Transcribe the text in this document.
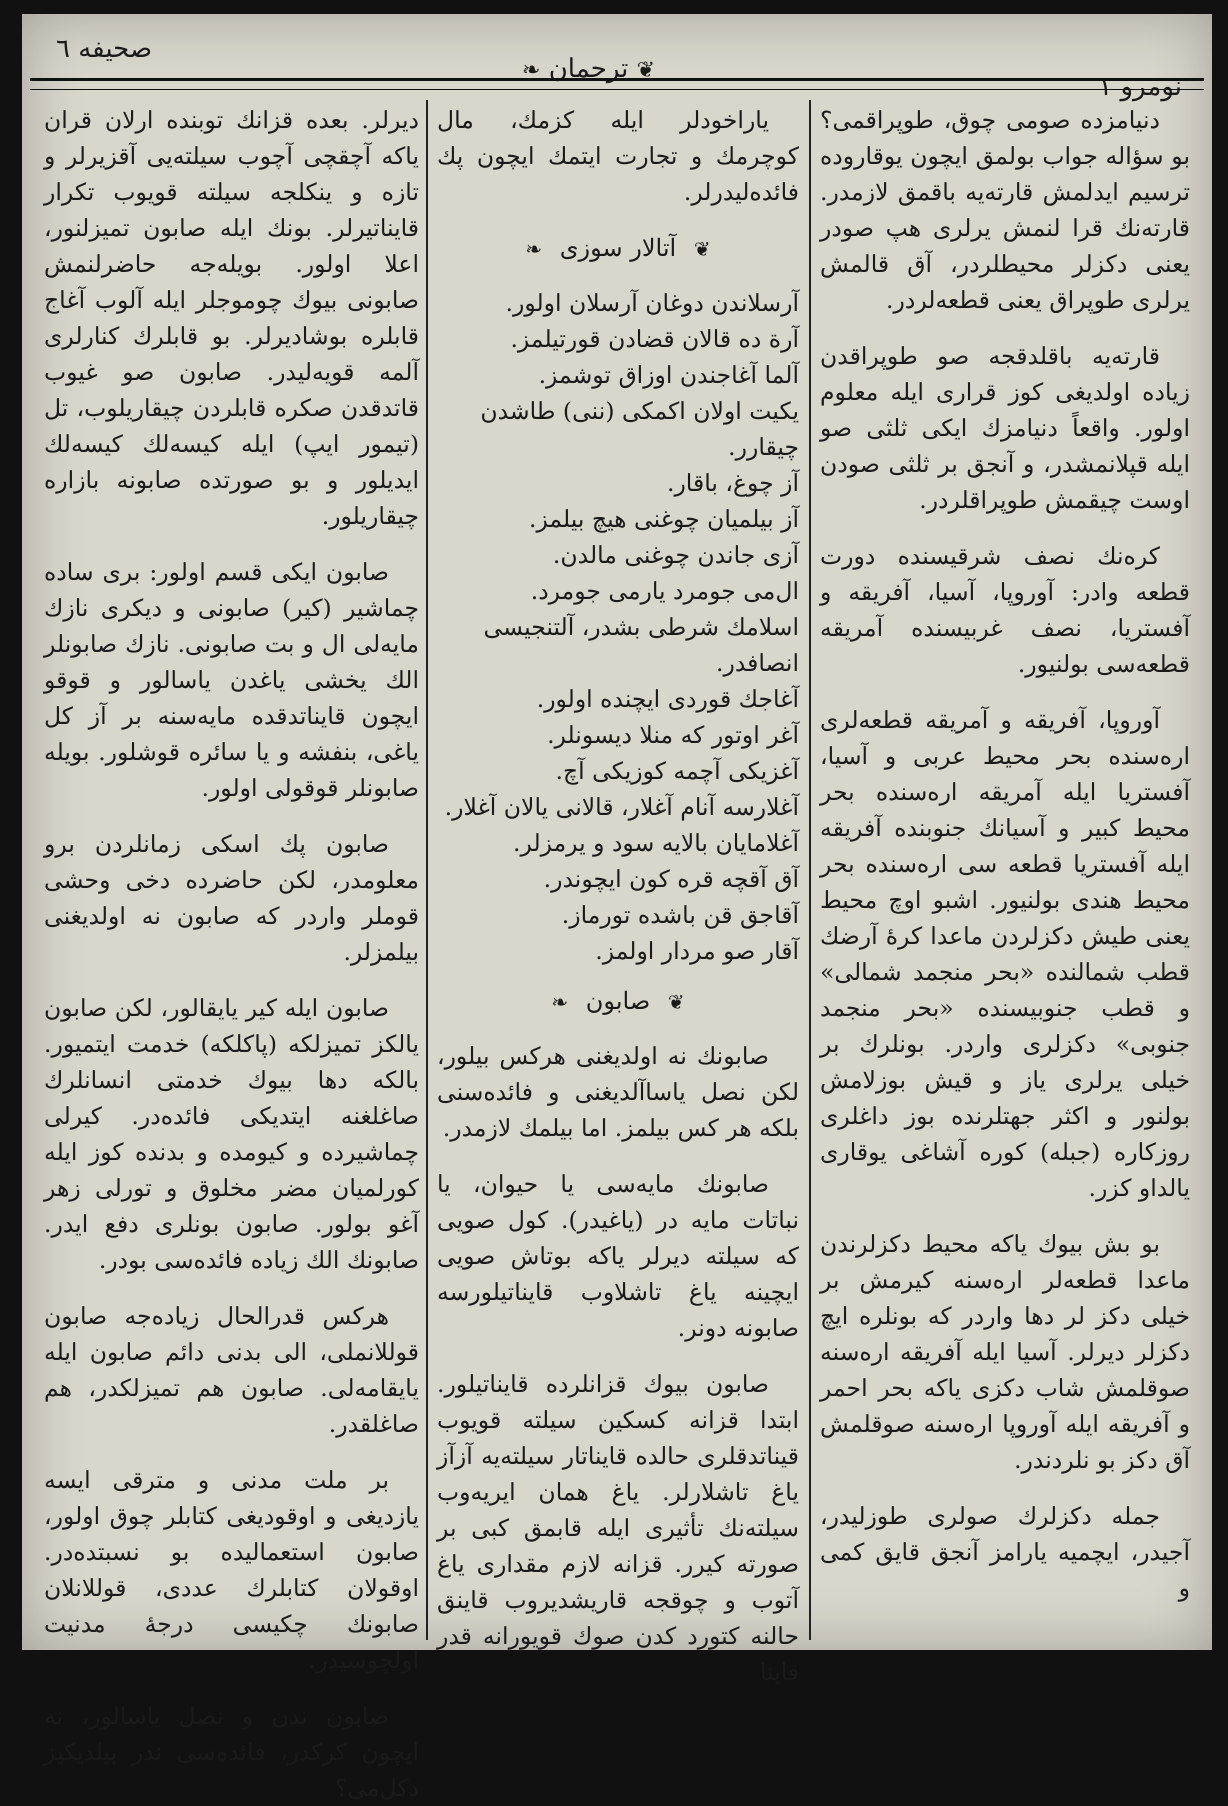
صحیفه ٦
❦ ترجمان ❧
نومرو ١

دنیامزده صومی چوق، طوپراقمی؟ بو سؤاله جواب بولمق ایچون یوقاروده ترسیم ایدلمش قارته‌یه باقمق لازمدر. قارته‌نك قرا لنمش یرلری هپ صودر یعنی دکزلر محیطلردر، آق قالمش یرلری طوپراق یعنی قطعه‌لردر.

قارته‌یه باقلدقجه صو طوپراقدن زیاده اولدیغی کوز قراری ایله معلوم اولور. واقعاً دنیامزك ایکی ثلثی صو ایله قپلانمشدر، و آنجق بر ثلثی صودن اوست چیقمش طوپراقلردر.

کره‌نك نصف شرقیسنده دورت قطعه وادر: آوروپا، آسیا، آفریقه و آفستریا، نصف غربیسنده آمریقه قطعه‌سی بولنیور.

آوروپا، آفریقه و آمریقه قطعه‌لری اره‌سنده بحر محیط عربی و آسیا، آفستریا ایله آمریقه اره‌سنده بحر محیط کبیر و آسیانك جنوبنده آفریقه ایله آفستریا قطعه سی اره‌سنده بحر محیط هندی بولنیور. اشبو اوچ محیط یعنی طیش دکزلردن ماعدا کرهٔ آرضك قطب شمالنده «بحر منجمد شمالی» و قطب جنوبیسنده «بحر منجمد جنوبی» دکزلری واردر. بونلرك بر خیلی یرلری یاز و قیش بوزلامش بولنور و اکثر جهتلرنده بوز داغلری روزکاره (جبله) کوره آشاغی یوقاری یالداو کزر.

بو بش بیوك یاکه محیط دکزلرندن ماعدا قطعه‌لر اره‌سنه کیرمش بر خیلی دکز لر دها واردر که بونلره ایچ دکزلر دیرلر. آسیا ایله آفریقه اره‌سنه صوقلمش شاب دکزی یاکه بحر احمر و آفریقه ایله آوروپا اره‌سنه صوقلمش آق دکز بو نلردندر.

جمله دکزلرك صولری طوزلیدر، آجیدر، ایچمیه یارامز آنجق قایق کمی و

یاراخودلر ایله کزمك، مال کوچرمك و تجارت ایتمك ایچون پك فائده‌لیدرلر.

❦ آتالار سوزی ❧
آرسلاندن دوغان آرسلان اولور.
آرة ده قالان قضادن قورتیلمز.
آلما آغاجندن اوزاق توشمز.
یکیت اولان اکمکی (ننی) طاشدن چیقارر.
آز چوغ، باقار.
آز بیلمیان چوغنی هیچ بیلمز.
آزی جاندن چوغنی مالدن.
ال‌می جومرد یارمی جومرد.
اسلامك شرطی بشدر، آلتنجیسی انصافدر.
آغاجك قوردی ایچنده اولور.
آغر اوتور که منلا دیسونلر.
آغزیکی آچمه کوزیکی آچ.
آغلارسه آنام آغلار، قالانی یالان آغلار.
آغلامایان بالایه سود و یرمزلر.
آق آقچه قره کون ایچوندر.
آقاجق قن باشده تورماز.
آقار صو مردار اولمز.
❦ صابون ❧

صابونك نه اولدیغنی هرکس بیلور، لکن نصل یاساآلدیغنی و فائده‌سنی بلکه هر کس بیلمز. اما بیلمك لازمدر.

صابونك مایه‌سی یا حیوان، یا نباتات مایه در (یاغیدر). کول صویی که سیلته دیرلر یاکه بوتاش صویی ایچینه یاغ تاشلاوب قایناتیلورسه صابونه دونر.

صابون بیوك قزانلرده قایناتیلور. ابتدا قزانه کسکین سیلته قویوب قیناتدقلری حالده قایناتار سیلته‌یه آزآز یاغ تاشلارلر. یاغ همان ایریه‌وب سیلته‌نك تأثیری ایله قابمق کبی بر صورته کیرر. قزانه لازم مقداری یاغ آتوب و چوقجه قاریشدیروب قاینق حالنه کتورد کدن صوك قویورانه قدر قاینا

دیرلر. بعده قزانك توبنده ارلان قران یاکه آچقچی آچوب سیلته‌یی آقزیرلر و تازه و ینکلجه سیلته قویوب تکرار قایناتیرلر. بونك ایله صابون تمیزلنور، اعلا اولور. بویله‌جه حاضرلنمش صابونی بیوك چوموجلر ایله آلوب آغاج قابلره بوشادیرلر. بو قابلرك کنارلری آلمه قویه‌لیدر. صابون صو غیوب قاتدقدن صکره قابلردن چیقاریلوب، تل (تیمور ایپ) ایله کیسه‌لك کیسه‌لك ایدیلور و بو صورتده صابونه بازاره چیقاریلور.

صابون ایکی قسم اولور: بری ساده چماشیر (کیر) صابونی و دیکری نازك مایه‌لی ال و بت صابونی. نازك صابونلر الك یخشی یاغدن یاسالور و قوقو ایچون قایناتدقده مایه‌سنه بر آز کل یاغی، بنفشه و یا سائره قوشلور. بویله صابونلر قوقولی اولور.

صابون پك اسکی زمانلردن برو معلومدر، لکن حاضرده دخی وحشی قوملر واردر که صابون نه اولدیغنی بیلمزلر.

صابون ایله کیر یایقالور، لکن صابون یالکز تمیزلکه (پاکلکه) خدمت ایتمیور. بالکه دها بیوك خدمتی انسانلرك صاغلغنه ایتدیکی فائده‌در. کیرلی چماشیرده و کیومده و بدنده کوز ایله کورلمیان مضر مخلوق و تورلی زهر آغو بولور. صابون بونلری دفع ایدر. صابونك الك زیاده فائده‌سی بودر.

هرکس قدرالحال زیاده‌جه صابون قوللانملی، الی بدنی دائم صابون ایله یایقامه‌لی. صابون هم تمیزلکدر، هم صاغلقدر.

بر ملت مدنی و مترقی ایسه یازدیغی و اوقودیغی کتابلر چوق اولور، صابون استعمالیده بو نسبتده‌در. اوقولان کتابلرك عددی، قوللانلان صابونك چکیسی درجهٔ مدنیت اولچوسیدر.

صابون ندن و نصل یاسالور، نه ایچون کرکدر، فائده‌سی ندر بیلدیکیز دکل‌می؟
